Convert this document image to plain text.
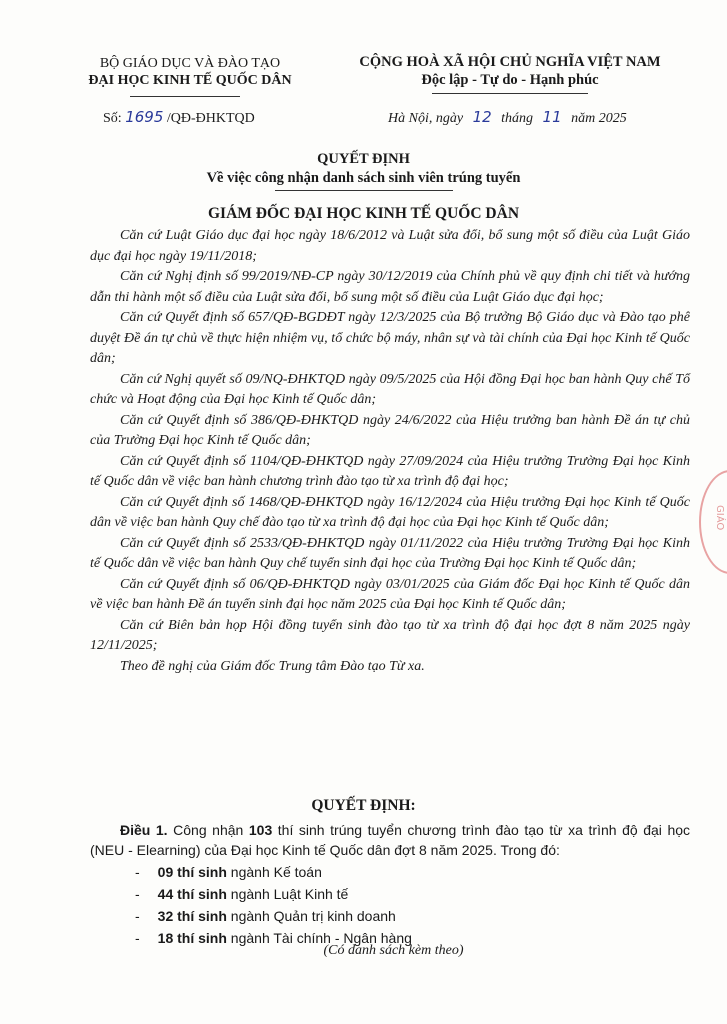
BỘ GIÁO DỤC VÀ ĐÀO TẠO
ĐẠI HỌC KINH TẾ QUỐC DÂN
CỘNG HOÀ XÃ HỘI CHỦ NGHĨA VIỆT NAM
Độc lập - Tự do - Hạnh phúc
Số: 1695 /QĐ-ĐHKTQD	Hà Nội, ngày 12 tháng 11 năm 2025
QUYẾT ĐỊNH
Về việc công nhận danh sách sinh viên trúng tuyển
GIÁM ĐỐC ĐẠI HỌC KINH TẾ QUỐC DÂN

Căn cứ Luật Giáo dục đại học ngày 18/6/2012 và Luật sửa đổi, bổ sung một số điều của Luật Giáo dục đại học ngày 19/11/2018;

Căn cứ Nghị định số 99/2019/NĐ-CP ngày 30/12/2019 của Chính phủ về quy định chi tiết và hướng dẫn thi hành một số điều của Luật sửa đổi, bổ sung một số điều của Luật Giáo dục đại học;

Căn cứ Quyết định số 657/QĐ-BGDĐT ngày 12/3/2025 của Bộ trưởng Bộ Giáo dục và Đào tạo phê duyệt Đề án tự chủ về thực hiện nhiệm vụ, tổ chức bộ máy, nhân sự và tài chính của Đại học Kinh tế Quốc dân;

Căn cứ Nghị quyết số 09/NQ-ĐHKTQD ngày 09/5/2025 của Hội đồng Đại học ban hành Quy chế Tổ chức và Hoạt động của Đại học Kinh tế Quốc dân;

Căn cứ Quyết định số 386/QĐ-ĐHKTQD ngày 24/6/2022 của Hiệu trưởng ban hành Đề án tự chủ của Trường Đại học Kinh tế Quốc dân;

Căn cứ Quyết định số 1104/QĐ-ĐHKTQD ngày 27/09/2024 của Hiệu trưởng Trường Đại học Kinh tế Quốc dân về việc ban hành chương trình đào tạo từ xa trình độ đại học;

Căn cứ Quyết định số 1468/QĐ-ĐHKTQD ngày 16/12/2024 của Hiệu trưởng Đại học Kinh tế Quốc dân về việc ban hành Quy chế đào tạo từ xa trình độ đại học của Đại học Kinh tế Quốc dân;

Căn cứ Quyết định số 2533/QĐ-ĐHKTQD ngày 01/11/2022 của Hiệu trưởng Trường Đại học Kinh tế Quốc dân về việc ban hành Quy chế tuyển sinh đại học của Trường Đại học Kinh tế Quốc dân;

Căn cứ Quyết định số 06/QĐ-ĐHKTQD ngày 03/01/2025 của Giám đốc Đại học Kinh tế Quốc dân về việc ban hành Đề án tuyển sinh đại học năm 2025 của Đại học Kinh tế Quốc dân;

Căn cứ Biên bản họp Hội đồng tuyển sinh đào tạo từ xa trình độ đại học đợt 8 năm 2025 ngày 12/11/2025;

Theo đề nghị của Giám đốc Trung tâm Đào tạo Từ xa.

QUYẾT ĐỊNH:
Điều 1. Công nhận 103 thí sinh trúng tuyển chương trình đào tạo từ xa trình độ đại học (NEU - Elearning) của Đại học Kinh tế Quốc dân đợt 8 năm 2025. Trong đó:
- 09 thí sinh ngành Kế toán
- 44 thí sinh ngành Luật Kinh tế
- 32 thí sinh ngành Quản trị kinh doanh
- 18 thí sinh ngành Tài chính - Ngân hàng
(Có danh sách kèm theo)
GIÁO
